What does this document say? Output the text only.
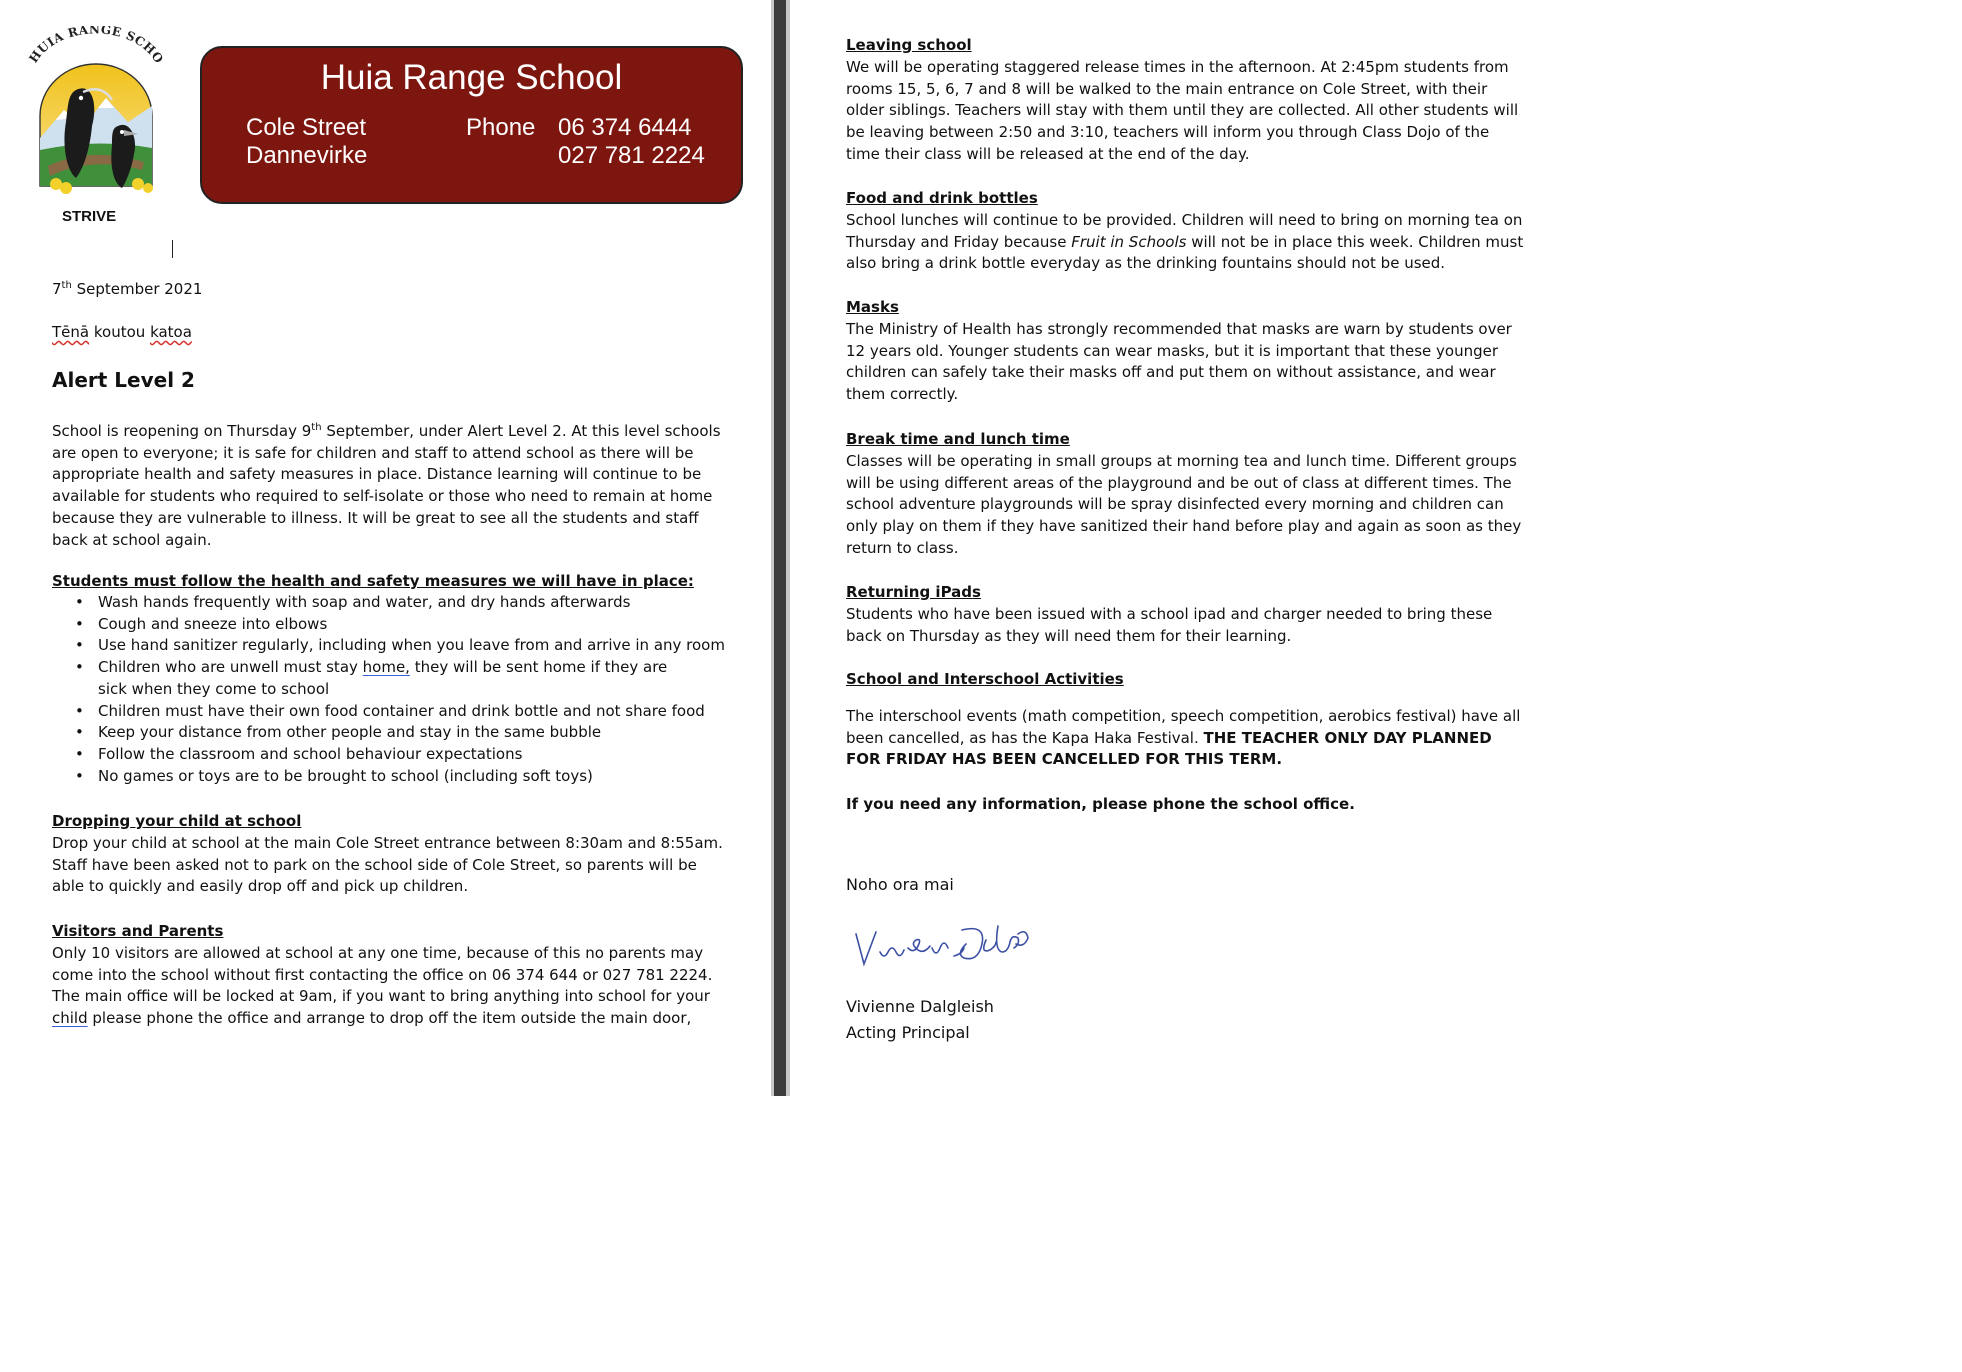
HUIA RANGE SCHO
STRIVE
Huia Range School
Cole Street
Dannevirke
Phone 06 374 6444
027 781 2224
7th September 2021
Tēnā koutou katoa
Alert Level 2
School is reopening on Thursday 9th September, under Alert Level 2. At this level schools are open to everyone; it is safe for children and staff to attend school as there will be appropriate health and safety measures in place. Distance learning will continue to be available for students who required to self-isolate or those who need to remain at home because they are vulnerable to illness. It will be great to see all the students and staff back at school again.
Students must follow the health and safety measures we will have in place:
• Wash hands frequently with soap and water, and dry hands afterwards
• Cough and sneeze into elbows
• Use hand sanitizer regularly, including when you leave from and arrive in any room
• Children who are unwell must stay home, they will be sent home if they are sick when they come to school
• Children must have their own food container and drink bottle and not share food
• Keep your distance from other people and stay in the same bubble
• Follow the classroom and school behaviour expectations
• No games or toys are to be brought to school (including soft toys)
Dropping your child at school
Drop your child at school at the main Cole Street entrance between 8:30am and 8:55am. Staff have been asked not to park on the school side of Cole Street, so parents will be able to quickly and easily drop off and pick up children.
Visitors and Parents
Only 10 visitors are allowed at school at any one time, because of this no parents may come into the school without first contacting the office on 06 374 644 or 027 781 2224. The main office will be locked at 9am, if you want to bring anything into school for your child please phone the office and arrange to drop off the item outside the main door,
Leaving school
We will be operating staggered release times in the afternoon. At 2:45pm students from rooms 15, 5, 6, 7 and 8 will be walked to the main entrance on Cole Street, with their older siblings. Teachers will stay with them until they are collected. All other students will be leaving between 2:50 and 3:10, teachers will inform you through Class Dojo of the time their class will be released at the end of the day.
Food and drink bottles
School lunches will continue to be provided. Children will need to bring on morning tea on Thursday and Friday because Fruit in Schools will not be in place this week. Children must also bring a drink bottle everyday as the drinking fountains should not be used.
Masks
The Ministry of Health has strongly recommended that masks are warn by students over 12 years old. Younger students can wear masks, but it is important that these younger children can safely take their masks off and put them on without assistance, and wear them correctly.
Break time and lunch time
Classes will be operating in small groups at morning tea and lunch time. Different groups will be using different areas of the playground and be out of class at different times. The school adventure playgrounds will be spray disinfected every morning and children can only play on them if they have sanitized their hand before play and again as soon as they return to class.
Returning iPads
Students who have been issued with a school ipad and charger needed to bring these back on Thursday as they will need them for their learning.
School and Interschool Activities
The interschool events (math competition, speech competition, aerobics festival) have all been cancelled, as has the Kapa Haka Festival. THE TEACHER ONLY DAY PLANNED FOR FRIDAY HAS BEEN CANCELLED FOR THIS TERM.
If you need any information, please phone the school office.
Noho ora mai
Vivienne Dalgleish
Acting Principal
